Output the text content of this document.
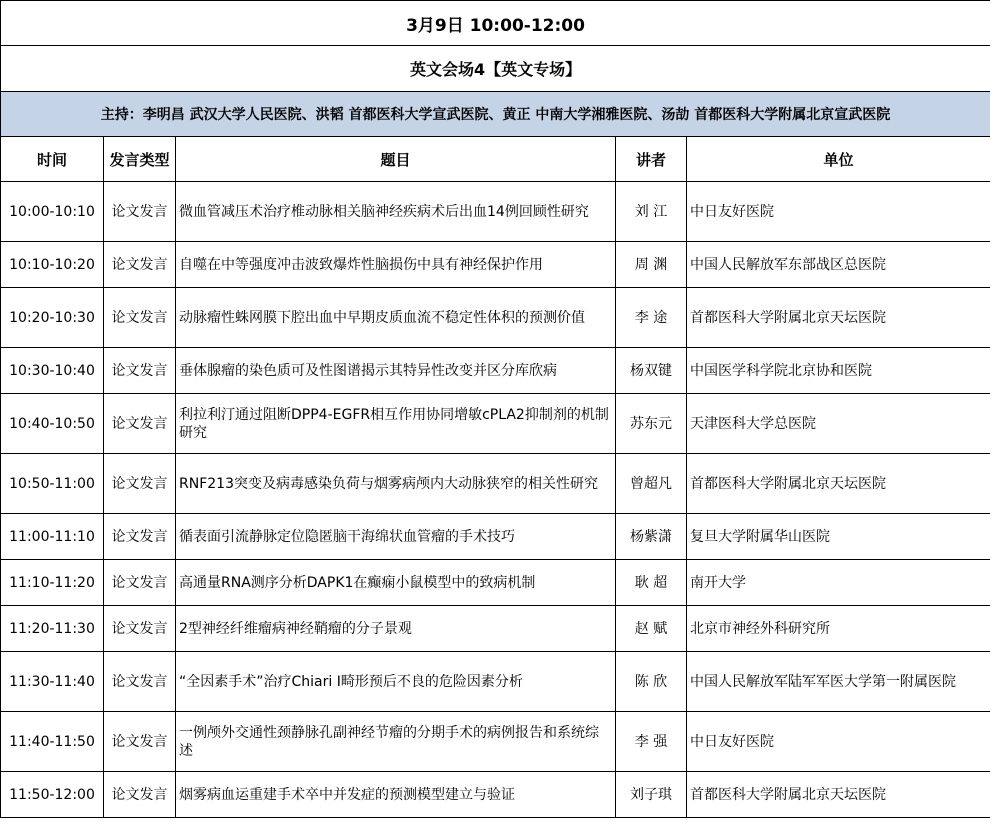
3月9日 10:00-12:00				
英文会场4【英文专场】				
主持：李明昌 武汉大学人民医院、洪韬 首都医科大学宣武医院、黄正 中南大学湘雅医院、汤劼 首都医科大学附属北京宣武医院				
时间	发言类型	题目	讲者	单位
10:00-10:10	论文发言	微血管减压术治疗椎动脉相关脑神经疾病术后出血14例回顾性研究	刘 江	中日友好医院
10:10-10:20	论文发言	自噬在中等强度冲击波致爆炸性脑损伤中具有神经保护作用	周 渊	中国人民解放军东部战区总医院
10:20-10:30	论文发言	动脉瘤性蛛网膜下腔出血中早期皮质血流不稳定性体积的预测价值	李 途	首都医科大学附属北京天坛医院
10:30-10:40	论文发言	垂体腺瘤的染色质可及性图谱揭示其特异性改变并区分库欣病	杨双键	中国医学科学院北京协和医院
10:40-10:50	论文发言	利拉利汀通过阻断DPP4-EGFR相互作用协同增敏cPLA2抑制剂的机制研究	苏东元	天津医科大学总医院
10:50-11:00	论文发言	RNF213突变及病毒感染负荷与烟雾病颅内大动脉狭窄的相关性研究	曾超凡	首都医科大学附属北京天坛医院
11:00-11:10	论文发言	循表面引流静脉定位隐匿脑干海绵状血管瘤的手术技巧	杨紫潇	复旦大学附属华山医院
11:10-11:20	论文发言	高通量RNA测序分析DAPK1在癫痫小鼠模型中的致病机制	耿 超	南开大学
11:20-11:30	论文发言	2型神经纤维瘤病神经鞘瘤的分子景观	赵 赋	北京市神经外科研究所
11:30-11:40	论文发言	“全因素手术”治疗Chiari I畸形预后不良的危险因素分析	陈 欣	中国人民解放军陆军军医大学第一附属医院
11:40-11:50	论文发言	一例颅外交通性颈静脉孔副神经节瘤的分期手术的病例报告和系统综述	李 强	中日友好医院
11:50-12:00	论文发言	烟雾病血运重建手术卒中并发症的预测模型建立与验证	刘子琪	首都医科大学附属北京天坛医院
